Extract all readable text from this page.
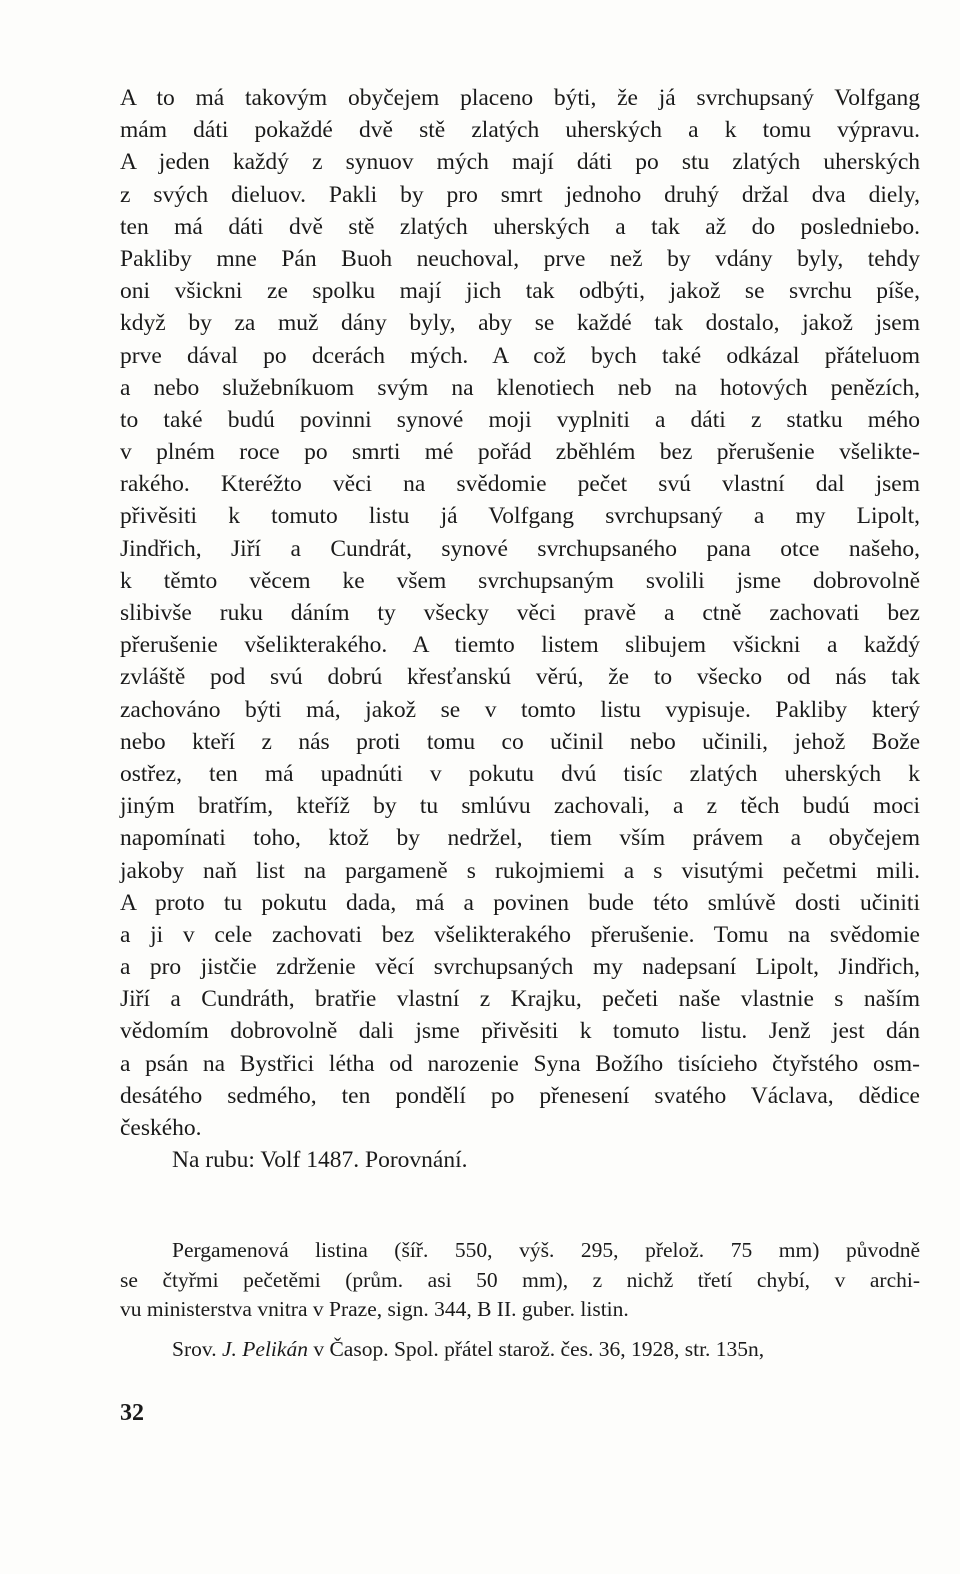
A to má takovým obyčejem placeno býti, že já svrchupsaný Volfgang
mám dáti pokaždé dvě stě zlatých uherských a k tomu výpravu.
A jeden každý z synuov mých mají dáti po stu zlatých uherských
z svých dieluov. Pakli by pro smrt jednoho druhý držal dva diely,
ten má dáti dvě stě zlatých uherských a tak až do posledniebo.
Pakliby mne Pán Buoh neuchoval, prve než by vdány byly, tehdy
oni všickni ze spolku mají jich tak odbýti, jakož se svrchu píše,
když by za muž dány byly, aby se každé tak dostalo, jakož jsem
prve dával po dcerách mých. A což bych také odkázal přáteluom
a nebo služebníkuom svým na klenotiech neb na hotových penězích,
to také budú povinni synové moji vyplniti a dáti z statku mého
v plném roce po smrti mé pořád zběhlém bez přerušenie všelikte-
rakého. Kteréžto věci na svědomie pečet svú vlastní dal jsem
přivěsiti k tomuto listu já Volfgang svrchupsaný a my Lipolt,
Jindřich, Jiří a Cundrát, synové svrchupsaného pana otce našeho,
k těmto věcem ke všem svrchupsaným svolili jsme dobrovolně
slibivše ruku dáním ty všecky věci pravě a ctně zachovati bez
přerušenie všelikterakého. A tiemto listem slibujem všickni a každý
zvláště pod svú dobrú křesťanskú věrú, že to všecko od nás tak
zachováno býti má, jakož se v tomto listu vypisuje. Pakliby který
nebo kteří z nás proti tomu co učinil nebo učinili, jehož Bože
ostřez, ten má upadnúti v pokutu dvú tisíc zlatých uherských k
jiným bratřím, kteříž by tu smlúvu zachovali, a z těch budú moci
napomínati toho, ktož by nedržel, tiem vším právem a obyčejem
jakoby naň list na pargameně s rukojmiemi a s visutými pečetmi mili.
A proto tu pokutu dada, má a povinen bude této smlúvě dosti učiniti
a ji v cele zachovati bez všelikterakého přerušenie. Tomu na svědomie
a pro jistčie zdrženie věcí svrchupsaných my nadepsaní Lipolt, Jindřich,
Jiří a Cundráth, bratřie vlastní z Krajku, pečeti naše vlastnie s naším
vědomím dobrovolně dali jsme přivěsiti k tomuto listu. Jenž jest dán
a psán na Bystřici létha od narozenie Syna Božího tisícieho čtyřstého osm-
desátého sedmého, ten pondělí po přenesení svatého Václava, dědice
českého.
Na rubu: Volf 1487. Porovnání.
Pergamenová listina (šíř. 550, výš. 295, přelož. 75 mm) původně
se čtyřmi pečetěmi (prům. asi 50 mm), z nichž třetí chybí, v archi-
vu ministerstva vnitra v Praze, sign. 344, B II. guber. listin.
Srov. J. Pelikán v Časop. Spol. přátel starož. čes. 36, 1928, str. 135n,
32
